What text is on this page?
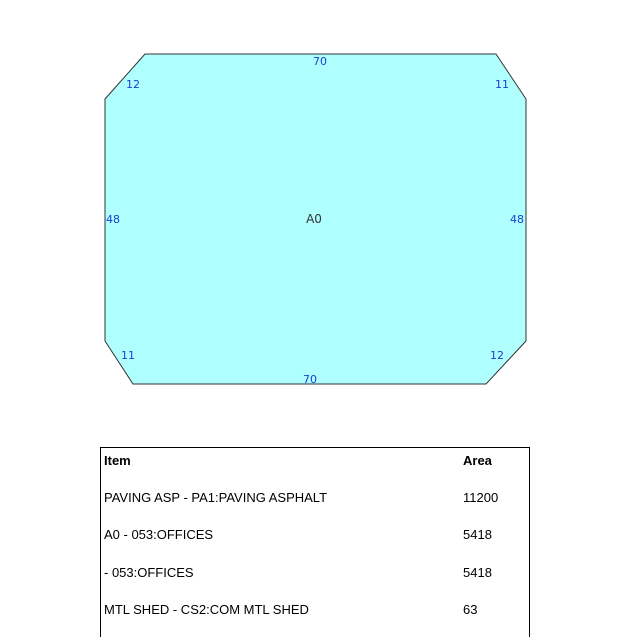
70
12	11
48	48
A0
11	12
70
Item	Area
PAVING ASP - PA1:PAVING ASPHALT	11200
A0 - 053:OFFICES	5418
- 053:OFFICES	5418
MTL SHED - CS2:COM MTL SHED	63
